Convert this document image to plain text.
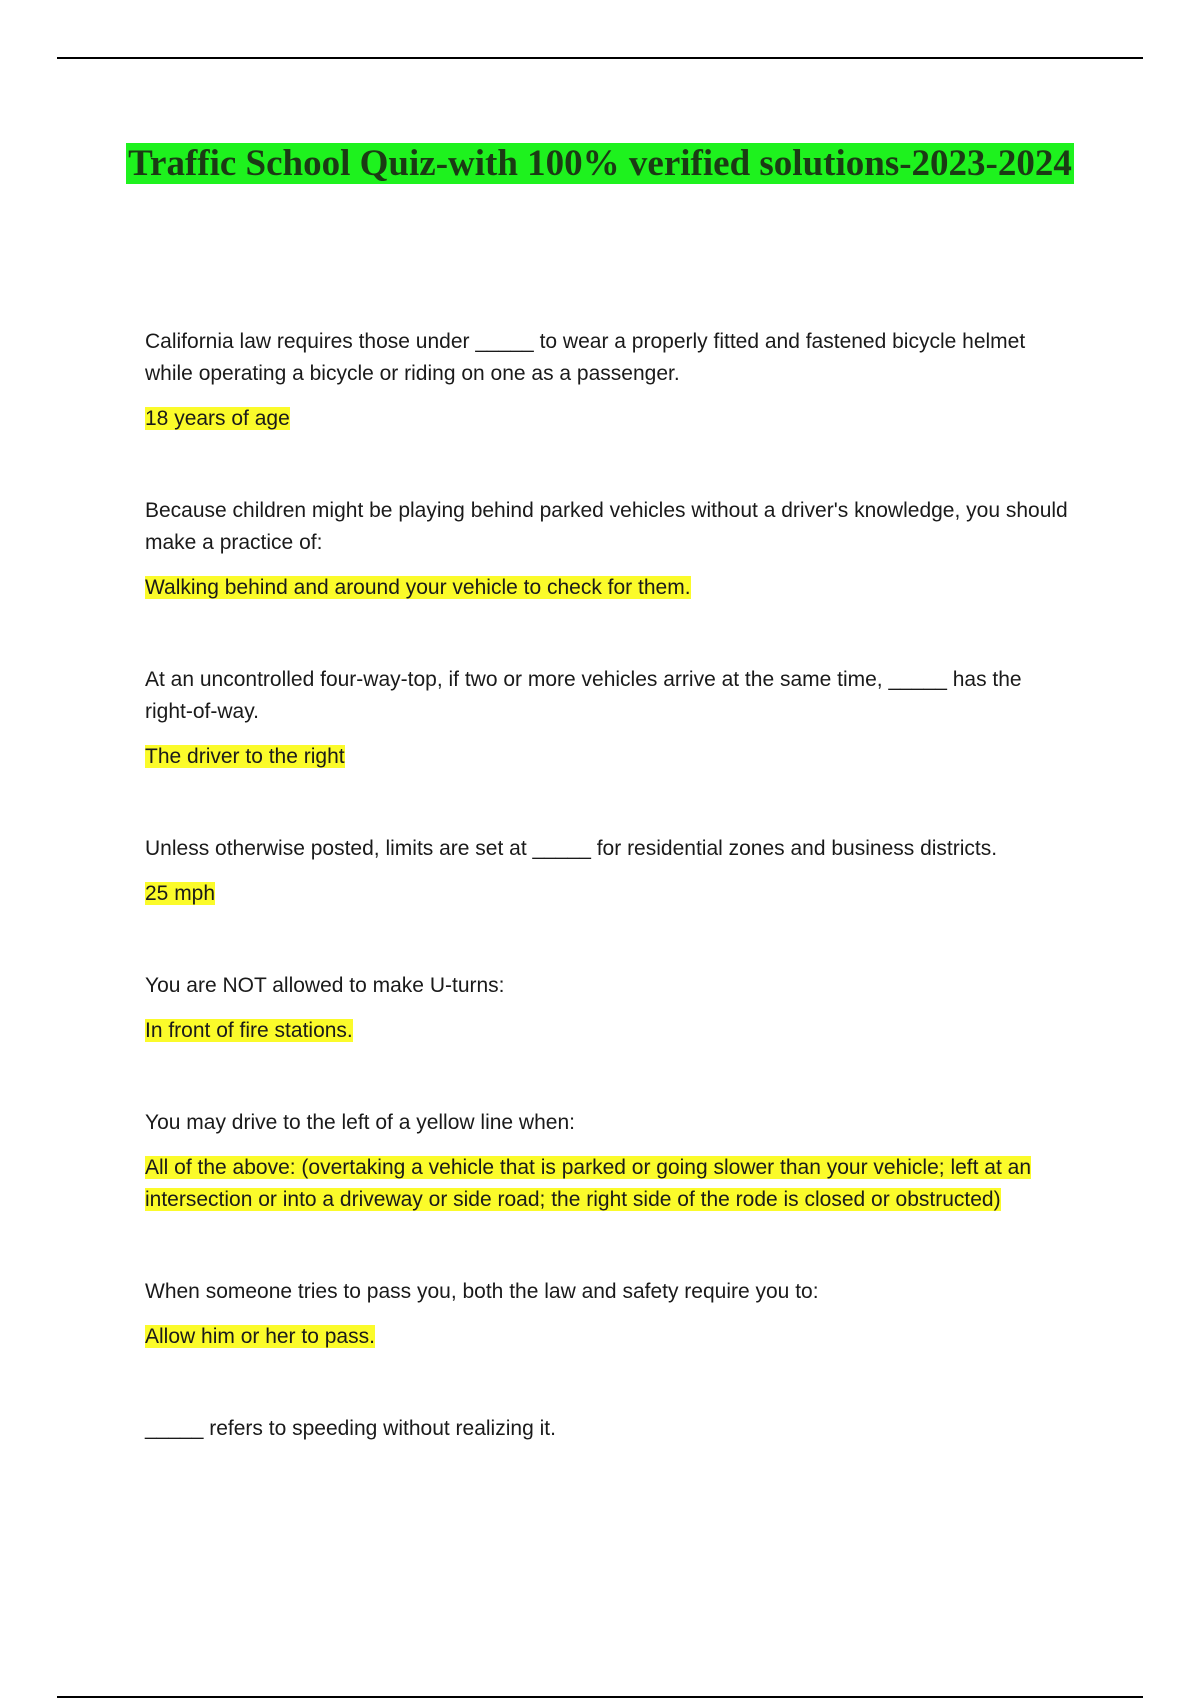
Traffic School Quiz-with 100% verified solutions-2023-2024

California law requires those under _____ to wear a properly fitted and fastened bicycle helmet while operating a bicycle or riding on one as a passenger.

18 years of age

Because children might be playing behind parked vehicles without a driver's knowledge, you should make a practice of:

Walking behind and around your vehicle to check for them.

At an uncontrolled four-way-top, if two or more vehicles arrive at the same time, _____ has the right-of-way.

The driver to the right

Unless otherwise posted, limits are set at _____ for residential zones and business districts.

25 mph

You are NOT allowed to make U-turns:

In front of fire stations.

You may drive to the left of a yellow line when:

All of the above: (overtaking a vehicle that is parked or going slower than your vehicle; left at an intersection or into a driveway or side road; the right side of the rode is closed or obstructed)

When someone tries to pass you, both the law and safety require you to:

Allow him or her to pass.

_____ refers to speeding without realizing it.
